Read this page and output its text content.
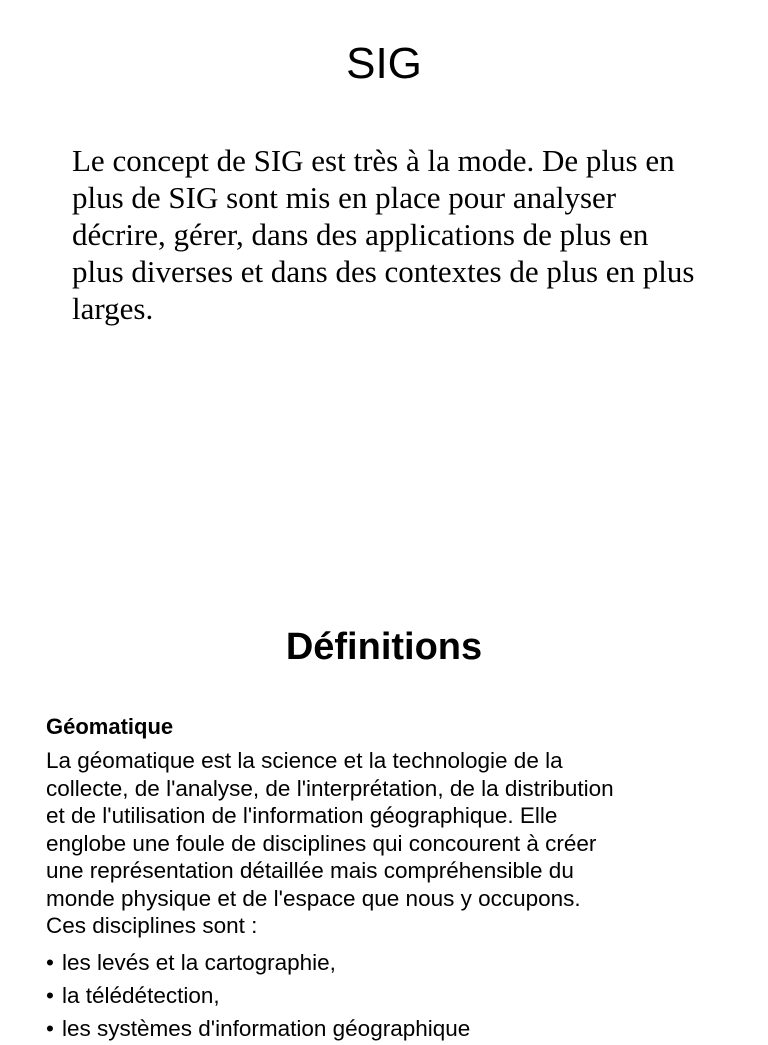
SIG

Le concept de SIG est très à la mode. De plus en
plus de SIG sont mis en place pour analyser
décrire, gérer, dans des applications de plus en
plus diverses et dans des contextes de plus en plus
larges.

Définitions
Géomatique

La géomatique est la science et la technologie de la
collecte, de l'analyse, de l'interprétation, de la distribution
et de l'utilisation de l'information géographique. Elle
englobe une foule de disciplines qui concourent à créer
une représentation détaillée mais compréhensible du
monde physique et de l'espace que nous y occupons.
Ces disciplines sont :

• les levés et la cartographie,
• la télédétection,
• les systèmes d'information géographique
